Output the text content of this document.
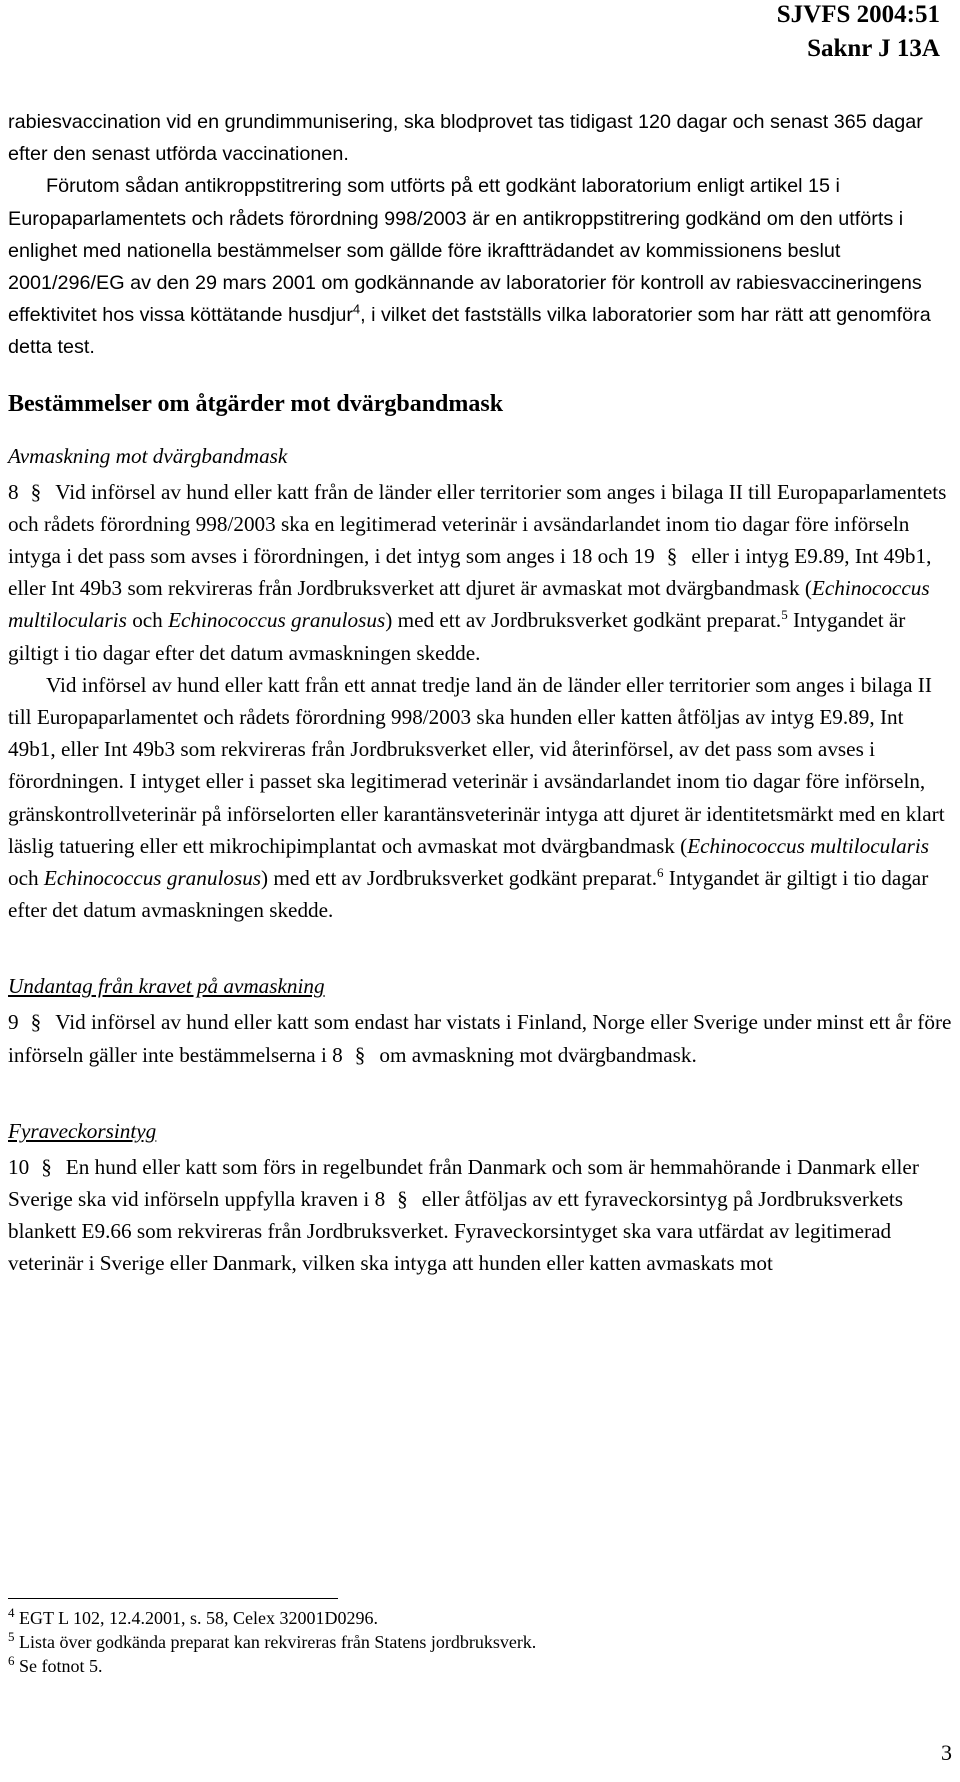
SJVFS 2004:51
Saknr J 13A

rabiesvaccination vid en grundimmunisering, ska blodprovet tas tidigast 120 dagar och senast 365 dagar efter den senast utförda vaccinationen.

Förutom sådan antikroppstitrering som utförts på ett godkänt laboratorium enligt artikel 15 i Europaparlamentets och rådets förordning 998/2003 är en antikroppstitrering godkänd om den utförts i enlighet med nationella bestämmelser som gällde före ikraftträdandet av kommissionens beslut 2001/296/EG av den 29 mars 2001 om godkännande av laboratorier för kontroll av rabiesvaccineringens effektivitet hos vissa köttätande husdjur$^4$, i vilket det fastställs vilka laboratorier som har rätt att genomföra detta test.

Bestämmelser om åtgärder mot dvärgbandmask
Avmaskning mot dvärgbandmask

8 § Vid införsel av hund eller katt från de länder eller territorier som anges i bilaga II till Europaparlamentets och rådets förordning 998/2003 ska en legitimerad veterinär i avsändarlandet inom tio dagar före införseln intyga i det pass som avses i förordningen, i det intyg som anges i 18 och 19 § eller i intyg E9.89, Int 49b1, eller Int 49b3 som rekvireras från Jordbruksverket att djuret är avmaskat mot dvärgbandmask (Echinococcus multilocularis och Echinococcus granulosus) med ett av Jordbruksverket godkänt preparat.$^5$ Intygandet är giltigt i tio dagar efter det datum avmaskningen skedde.

Vid införsel av hund eller katt från ett annat tredje land än de länder eller territorier som anges i bilaga II till Europaparlamentet och rådets förordning 998/2003 ska hunden eller katten åtföljas av intyg E9.89, Int 49b1, eller Int 49b3 som rekvireras från Jordbruksverket eller, vid återinförsel, av det pass som avses i förordningen. I intyget eller i passet ska legitimerad veterinär i avsändarlandet inom tio dagar före införseln, gränskontrollveterinär på införselorten eller karantänsveterinär intyga att djuret är identitetsmärkt med en klart läslig tatuering eller ett mikrochipimplantat och avmaskat mot dvärgbandmask (Echinococcus multilocularis och Echinococcus granulosus) med ett av Jordbruksverket godkänt preparat.$^6$ Intygandet är giltigt i tio dagar efter det datum avmaskningen skedde.

Undantag från kravet på avmaskning

9 § Vid införsel av hund eller katt som endast har vistats i Finland, Norge eller Sverige under minst ett år före införseln gäller inte bestämmelserna i 8 § om avmaskning mot dvärgbandmask.

Fyraveckorsintyg

10 § En hund eller katt som förs in regelbundet från Danmark och som är hemmahörande i Danmark eller Sverige ska vid införseln uppfylla kraven i 8 § eller åtföljas av ett fyraveckorsintyg på Jordbruksverkets blankett E9.66 som rekvireras från Jordbruksverket. Fyraveckorsintyget ska vara utfärdat av legitimerad veterinär i Sverige eller Danmark, vilken ska intyga att hunden eller katten avmaskats mot

$^4$ EGT L 102, 12.4.2001, s. 58, Celex 32001D0296.
$^5$ Lista över godkända preparat kan rekvireras från Statens jordbruksverk.
$^6$ Se fotnot 5.
3
